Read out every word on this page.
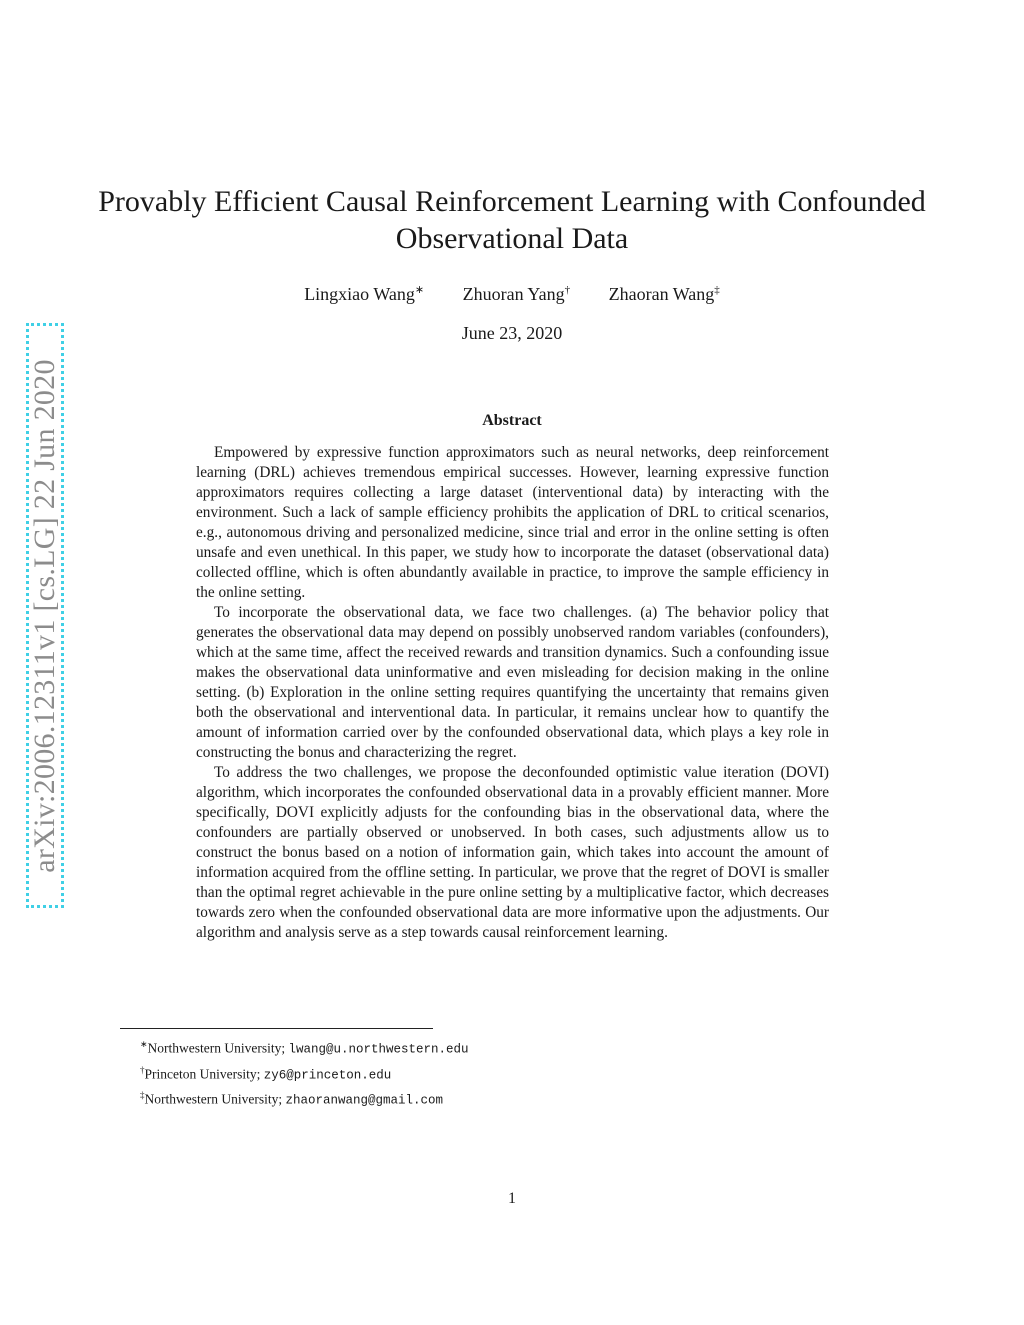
arXiv:2006.12311v1 [cs.LG] 22 Jun 2020
Provably Efficient Causal Reinforcement Learning with Confounded Observational Data
Lingxiao Wang∗ Zhuoran Yang† Zhaoran Wang‡
June 23, 2020
Abstract

Empowered by expressive function approximators such as neural networks, deep reinforcement learning (DRL) achieves tremendous empirical successes. However, learning expressive function approximators requires collecting a large dataset (interventional data) by interacting with the environment. Such a lack of sample efficiency prohibits the application of DRL to critical scenarios, e.g., autonomous driving and personalized medicine, since trial and error in the online setting is often unsafe and even unethical. In this paper, we study how to incorporate the dataset (observational data) collected offline, which is often abundantly available in practice, to improve the sample efficiency in the online setting.

To incorporate the observational data, we face two challenges. (a) The behavior policy that generates the observational data may depend on possibly unobserved random variables (confounders), which at the same time, affect the received rewards and transition dynamics. Such a confounding issue makes the observational data uninformative and even misleading for decision making in the online setting. (b) Exploration in the online setting requires quantifying the uncertainty that remains given both the observational and interventional data. In particular, it remains unclear how to quantify the amount of information carried over by the confounded observational data, which plays a key role in constructing the bonus and characterizing the regret.

To address the two challenges, we propose the deconfounded optimistic value iteration (DOVI) algorithm, which incorporates the confounded observational data in a provably efficient manner. More specifically, DOVI explicitly adjusts for the confounding bias in the observational data, where the confounders are partially observed or unobserved. In both cases, such adjustments allow us to construct the bonus based on a notion of information gain, which takes into account the amount of information acquired from the offline setting. In particular, we prove that the regret of DOVI is smaller than the optimal regret achievable in the pure online setting by a multiplicative factor, which decreases towards zero when the confounded observational data are more informative upon the adjustments. Our algorithm and analysis serve as a step towards causal reinforcement learning.

∗Northwestern University; lwang@u.northwestern.edu
†Princeton University; zy6@princeton.edu
‡Northwestern University; zhaoranwang@gmail.com
1
